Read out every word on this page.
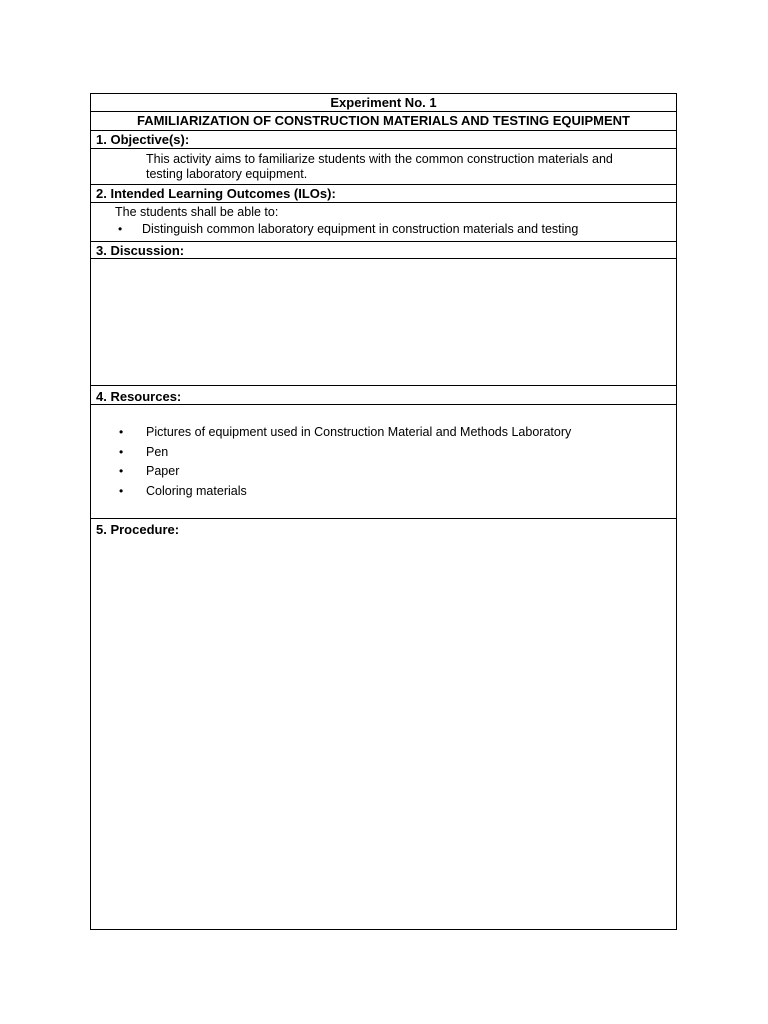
Experiment No. 1
FAMILIARIZATION OF CONSTRUCTION MATERIALS AND TESTING EQUIPMENT
1. Objective(s):
This activity aims to familiarize students with the common construction materials and
testing laboratory equipment.
2. Intended Learning Outcomes (ILOs):
The students shall be able to:
• Distinguish common laboratory equipment in construction materials and testing
3. Discussion:
4. Resources:
• Pictures of equipment used in Construction Material and Methods Laboratory
• Pen
• Paper
• Coloring materials
5. Procedure:
